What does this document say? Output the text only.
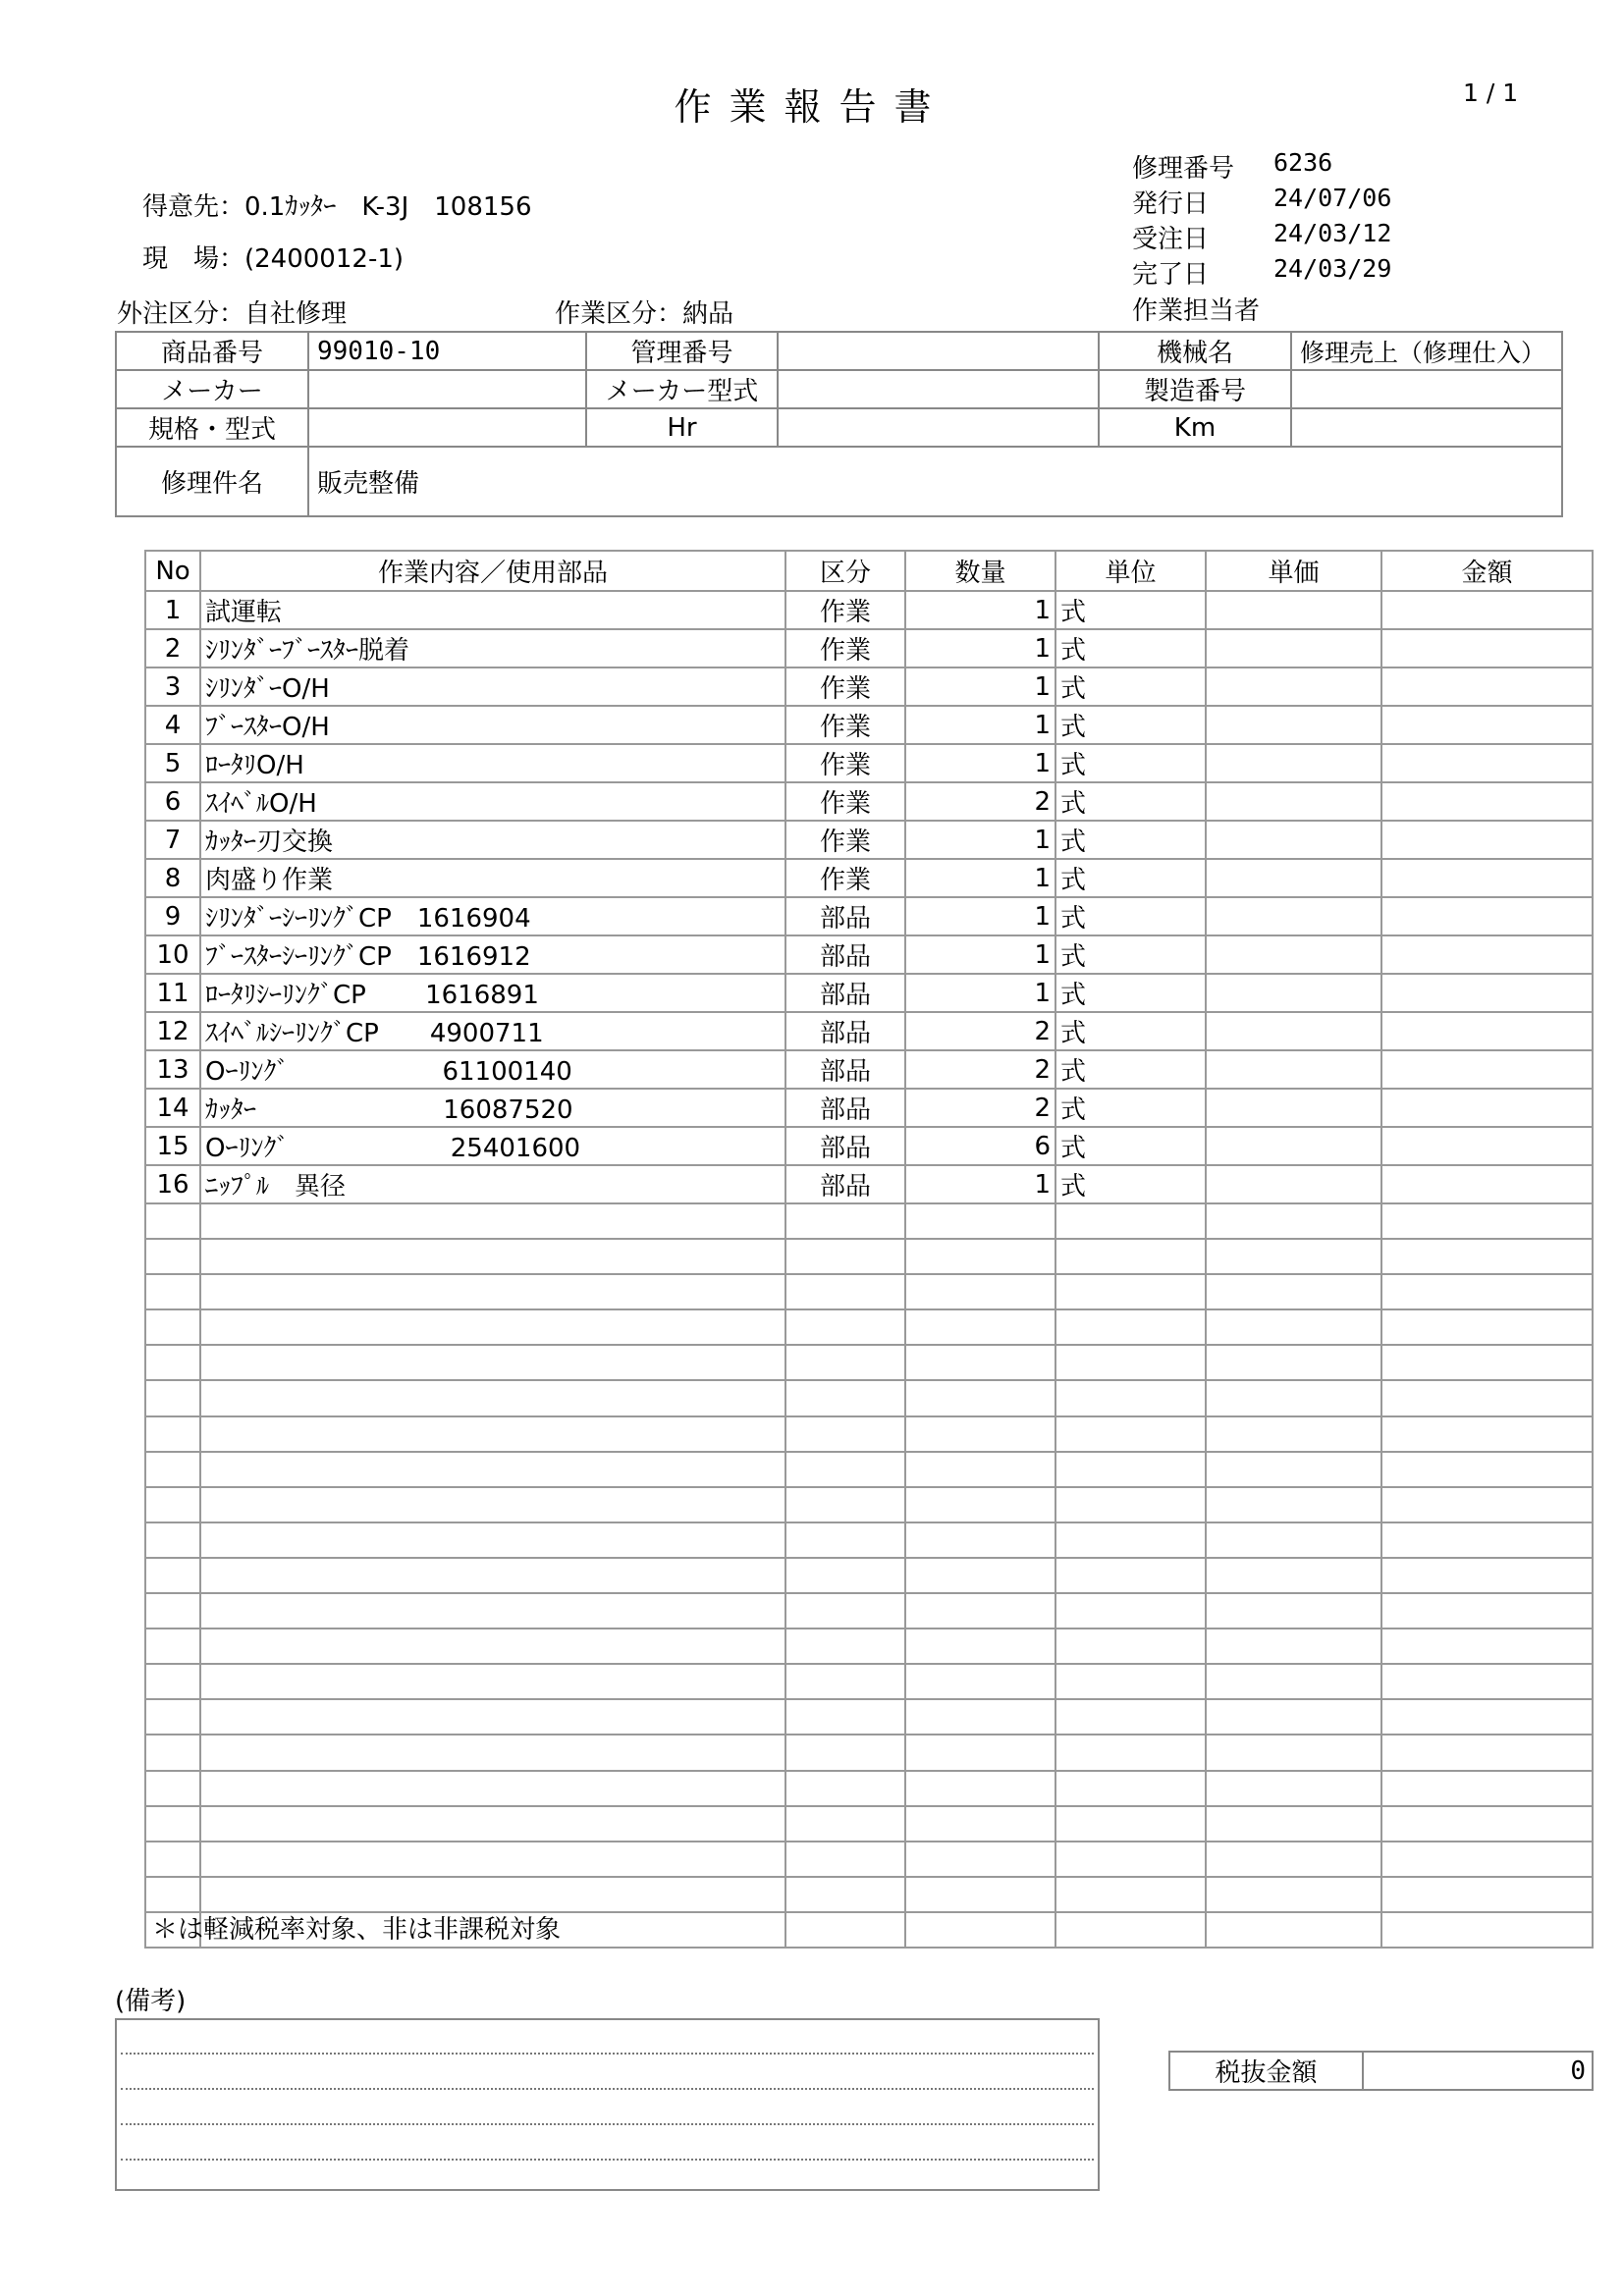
作業報告書	1 / 1
得意先：0.1ｶｯﾀｰ　K-3J　108156
現　場：(2400012-1)
外注区分：自社修理	作業区分：納品
修理番号 6236
発行日	24/07/06
受注日	24/03/12
完了日	24/03/29
作業担当者
商品番号	99010-10	管理番号		機械名	修理売上（修理仕入）
メーカー		メーカー型式		製造番号	
規格・型式		Hr		Km	
修理件名	販売整備				
No	作業内容／使用部品	区分	数量	単位	単価	金額
1	試運転	作業	1	式		
2	ｼﾘﾝﾀﾞｰﾌﾞｰｽﾀｰ脱着	作業	1	式		
3	ｼﾘﾝﾀﾞｰO/H	作業	1	式		
4	ﾌﾞｰｽﾀｰO/H	作業	1	式		
5	ﾛｰﾀﾘO/H	作業	1	式		
6	ｽｲﾍﾞﾙO/H	作業	2	式		
7	ｶｯﾀｰ刃交換	作業	1	式		
8	肉盛り作業	作業	1	式		
9	ｼﾘﾝﾀﾞｰｼｰﾘﾝｸﾞCP　1616904	部品	1	式		
10	ﾌﾞｰｽﾀｰｼｰﾘﾝｸﾞCP　1616912	部品	1	式		
11	ﾛｰﾀﾘｼｰﾘﾝｸﾞCP　　 1616891	部品	1	式		
12	ｽｲﾍﾞﾙｼｰﾘﾝｸﾞCP　　4900711	部品	2	式		
13	Oｰﾘﾝｸﾞ　　　　　　61100140	部品	2	式		
14	ｶｯﾀｰ　　　　　　　 16087520	部品	2	式		
15	Oｰﾘﾝｸﾞ　　　　　　 25401600	部品	6	式		
16	ﾆｯﾌﾟﾙ　異径	部品	1	式		

＊は軽減税率対象、非は非課税対象
(備考)
税抜金額	0
